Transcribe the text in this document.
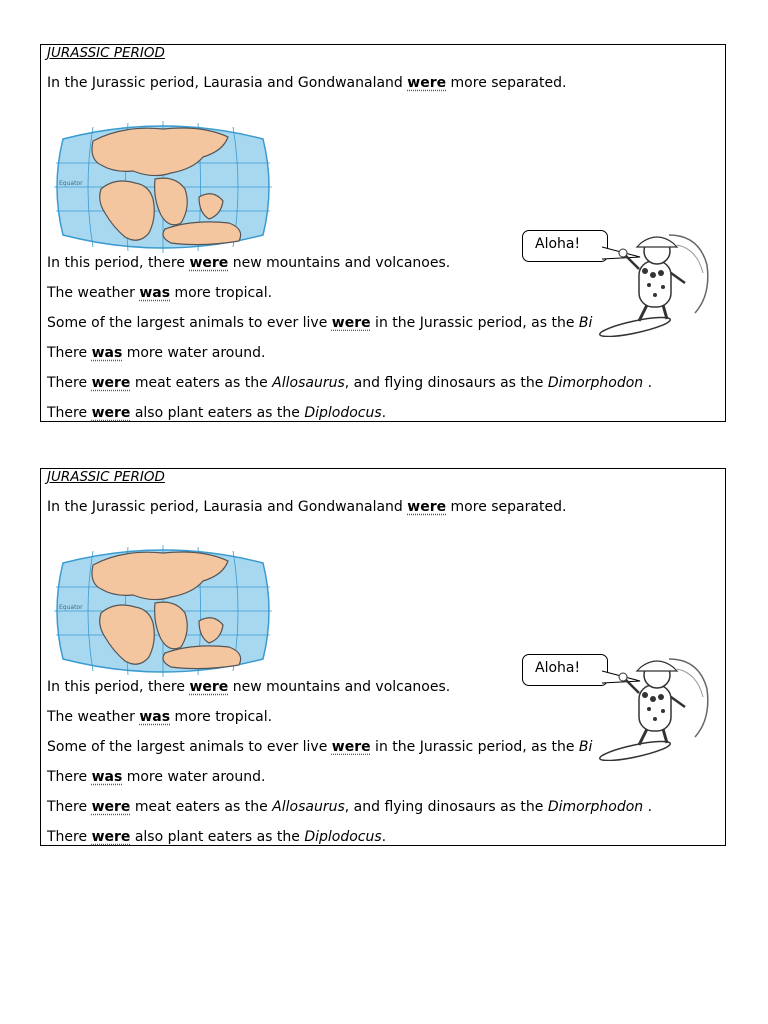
JURASSIC PERIOD
In the Jurassic period, Laurasia and Gondwanaland were more separated.
Equator
In this period, there were new mountains and volcanoes.
The weather was more tropical.
Some of the largest animals to ever live were in the Jurassic period, as the Bi
There was more water around.
There were meat eaters as the Allosaurus, and flying dinosaurs as the Dimorphodon .
There were also plant eaters as the Diplodocus.
Aloha!
JURASSIC PERIOD
In the Jurassic period, Laurasia and Gondwanaland were more separated.
Equator
In this period, there were new mountains and volcanoes.
The weather was more tropical.
Some of the largest animals to ever live were in the Jurassic period, as the Bi
There was more water around.
There were meat eaters as the Allosaurus, and flying dinosaurs as the Dimorphodon .
There were also plant eaters as the Diplodocus.
Aloha!
